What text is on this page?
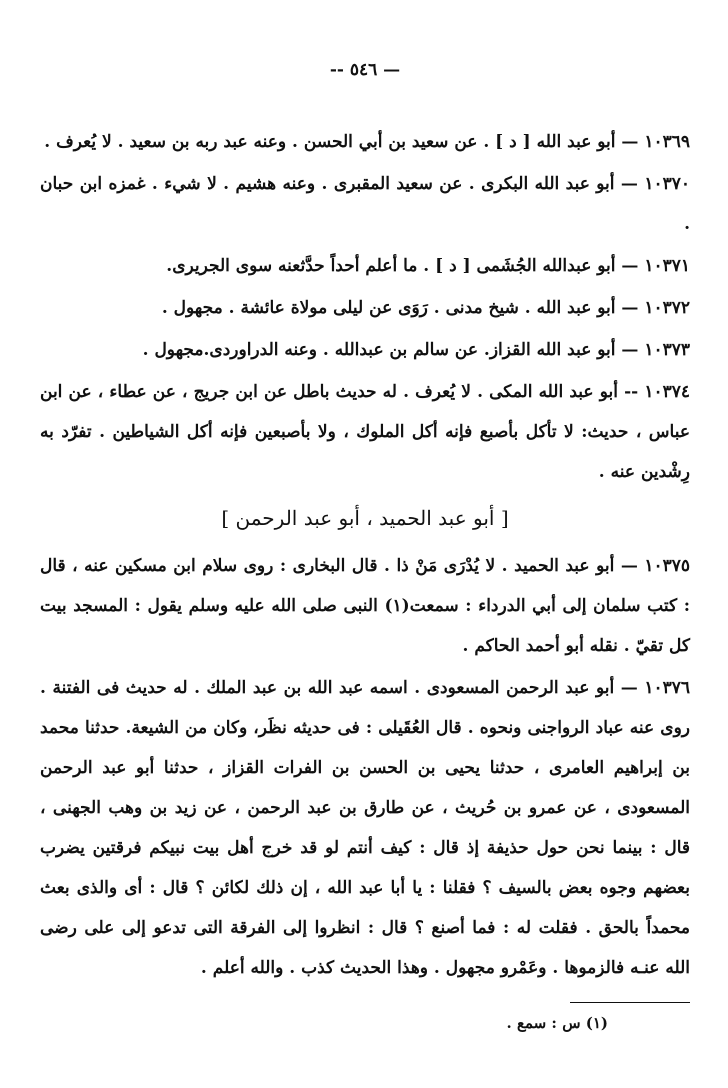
— ٥٤٦ --

١٠٣٦٩ — أبو عبد الله [ د ] . عن سعيد بن أبي الحسن . وعنه عبد ربه بن سعيد . لا يُعرف .

١٠٣٧٠ — أبو عبد الله البكرى . عن سعيد المقبرى . وعنه هشيم . لا شيء . غمزه ابن حبان .

١٠٣٧١ — أبو عبدالله الجُشَمى [ د ] . ما أعلم أحداً حدَّثعنه سوى الجريرى.

١٠٣٧٢ — أبو عبد الله . شيخ مدنى . رَوَى عن ليلى مولاة عائشة . مجهول .

١٠٣٧٣ — أبو عبد الله القزاز. عن سالم بن عبدالله . وعنه الدراوردى.مجهول .

١٠٣٧٤ -- أبو عبد الله المكى . لا يُعرف . له حديث باطل عن ابن جريج ، عن عطاء ، عن ابن عباس ، حديث: لا تأكل بأصبع فإنه أكل الملوك ، ولا بأصبعين فإنه أكل الشياطين . تفرّد به رِشْدين عنه .

[ أبو عبد الحميد ، أبو عبد الرحمن ]

١٠٣٧٥ — أبو عبد الحميد . لا يُدْرَى مَنْ ذا . قال البخارى : روى سلام ابن مسكين عنه ، قال : كتب سلمان إلى أبي الدرداء : سمعت(١) النبى صلى الله عليه وسلم يقول : المسجد بيت كل تقيّ . نقله أبو أحمد الحاكم .

١٠٣٧٦ — أبو عبد الرحمن المسعودى . اسمه عبد الله بن عبد الملك . له حديث فى الفتنة . روى عنه عباد الرواجنى ونحوه . قال العُقَيلى : فى حديثه نظَر، وكان من الشيعة. حدثنا محمد بن إبراهيم العامرى ، حدثنا يحيى بن الحسن بن الفرات القزاز ، حدثنا أبو عبد الرحمن المسعودى ، عن عمرو بن حُريث ، عن طارق بن عبد الرحمن ، عن زيد بن وهب الجهنى ، قال : بينما نحن حول حذيفة إذ قال : كيف أنتم لو قد خرج أهل بيت نبيكم فرقتين يضرب بعضهم وجوه بعض بالسيف ؟ فقلنا : يا أبا عبد الله ، إن ذلك لكائن ؟ قال : أى والذى بعث محمداً بالحق . فقلت له : فما أصنع ؟ قال : انظروا إلى الفرقة التى تدعو إلى على رضى الله عنـه فالزموها . وعَمْرو مجهول . وهذا الحديث كذب . والله أعلم .

(١) س : سمع .
